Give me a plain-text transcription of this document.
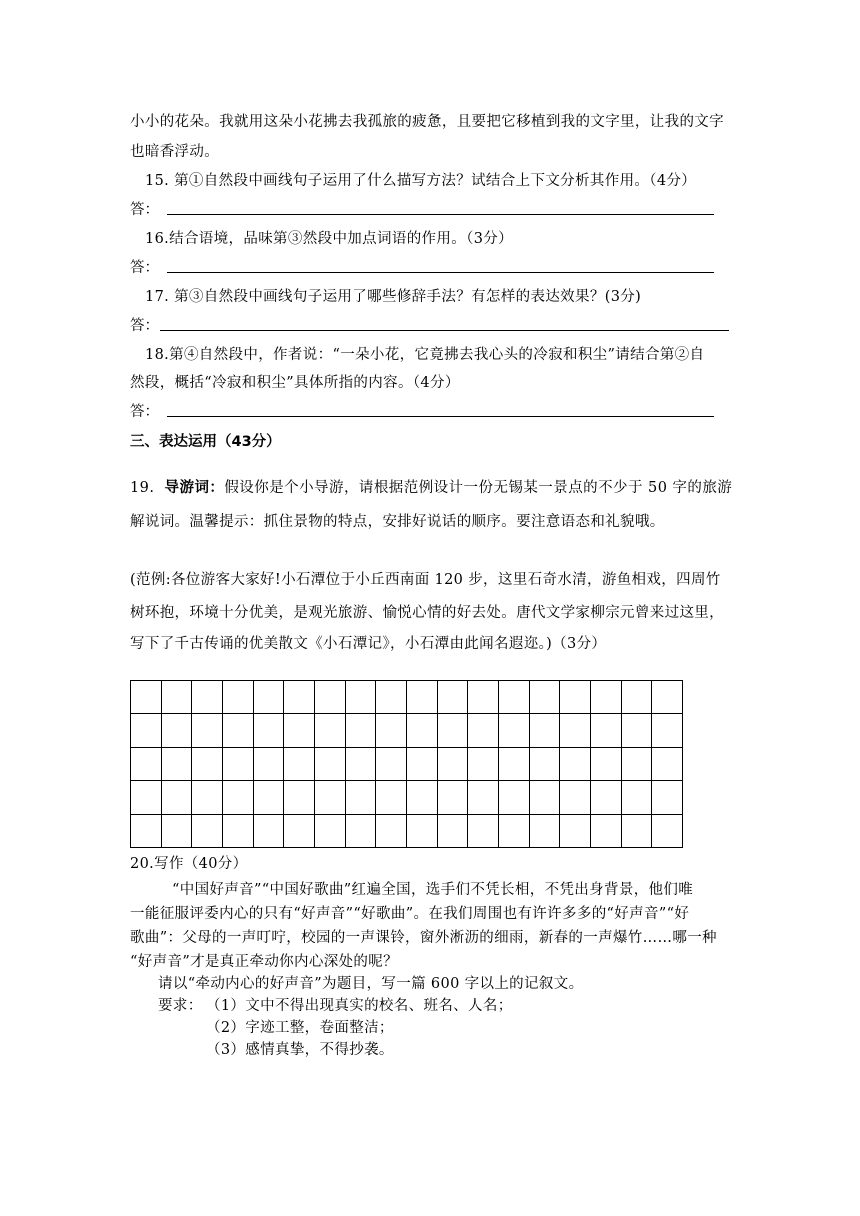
小小的花朵。我就用这朵小花拂去我孤旅的疲惫，且要把它移植到我的文字里，让我的文字
也暗香浮动。
15. 第①自然段中画线句子运用了什么描写方法？试结合上下文分析其作用。（4分）
答：
16.结合语境，品味第③然段中加点词语的作用。（3分）
答：
17. 第③自然段中画线句子运用了哪些修辞手法？有怎样的表达效果？(3分)
答：
18.第④自然段中，作者说：“一朵小花，它竟拂去我心头的冷寂和积尘”请结合第②自
然段，概括“冷寂和积尘”具体所指的内容。（4分）
答：
三、表达运用（43分）
19. 导游词：假设你是个小导游，请根据范例设计一份无锡某一景点的不少于 50 字的旅游
解说词。温馨提示：抓住景物的特点，安排好说话的顺序。要注意语态和礼貌哦。
(范例:各位游客大家好!小石潭位于小丘西南面 120 步，这里石奇水清，游鱼相戏，四周竹
树环抱，环境十分优美，是观光旅游、愉悦心情的好去处。唐代文学家柳宗元曾来过这里，
写下了千古传诵的优美散文《小石潭记》，小石潭由此闻名遐迩。)（3分）

20.写作（40分）
“中国好声音”“中国好歌曲”红遍全国，选手们不凭长相，不凭出身背景，他们唯
一能征服评委内心的只有“好声音”“好歌曲”。在我们周围也有许许多多的“好声音”“好
歌曲”：父母的一声叮咛，校园的一声课铃，窗外淅沥的细雨，新春的一声爆竹……哪一种
“好声音”才是真正牵动你内心深处的呢？
请以“牵动内心的好声音”为题目，写一篇 600 字以上的记叙文。
要求： （1）文中不得出现真实的校名、班名、人名；
（2）字迹工整，卷面整洁；
（3）感情真挚，不得抄袭。
